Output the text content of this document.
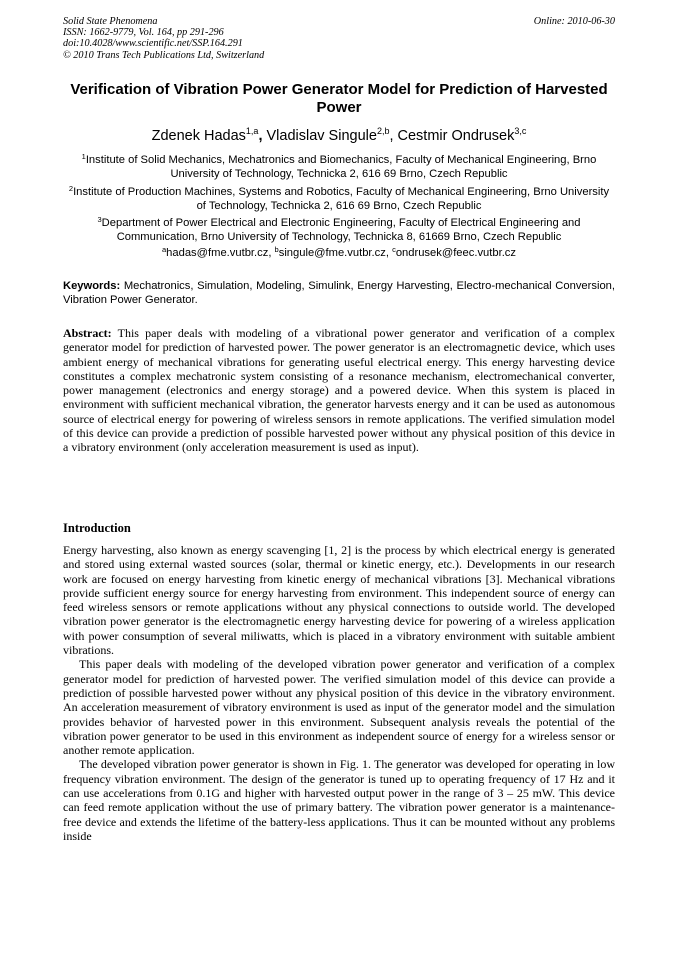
Solid State Phenomena
ISSN: 1662-9779, Vol. 164, pp 291-296
doi:10.4028/www.scientific.net/SSP.164.291
© 2010 Trans Tech Publications Ltd, Switzerland
Online: 2010-06-30
Verification of Vibration Power Generator Model for Prediction of Harvested Power
Zdenek Hadas$^{1,a}$, Vladislav Singule$^{2,b}$, Cestmir Ondrusek$^{3,c}$

$^1$Institute of Solid Mechanics, Mechatronics and Biomechanics, Faculty of Mechanical Engineering, Brno University of Technology, Technicka 2, 616 69 Brno, Czech Republic

$^2$Institute of Production Machines, Systems and Robotics, Faculty of Mechanical Engineering, Brno University of Technology, Technicka 2, 616 69 Brno, Czech Republic

$^3$Department of Power Electrical and Electronic Engineering, Faculty of Electrical Engineering and Communication, Brno University of Technology, Technicka 8, 61669 Brno, Czech Republic

$^a$hadas@fme.vutbr.cz, $^b$singule@fme.vutbr.cz, $^c$ondrusek@feec.vutbr.cz
Keywords: Mechatronics, Simulation, Modeling, Simulink, Energy Harvesting, Electro-mechanical Conversion, Vibration Power Generator.
Abstract: This paper deals with modeling of a vibrational power generator and verification of a complex generator model for prediction of harvested power. The power generator is an electromagnetic device, which uses ambient energy of mechanical vibrations for generating useful electrical energy. This energy harvesting device constitutes a complex mechatronic system consisting of a resonance mechanism, electromechanical converter, power management (electronics and energy storage) and a powered device. When this system is placed in environment with sufficient mechanical vibration, the generator harvests energy and it can be used as autonomous source of electrical energy for powering of wireless sensors in remote applications. The verified simulation model of this device can provide a prediction of possible harvested power without any physical position of this device in a vibratory environment (only acceleration measurement is used as input).
Introduction

Energy harvesting, also known as energy scavenging [1, 2] is the process by which electrical energy is generated and stored using external wasted sources (solar, thermal or kinetic energy, etc.). Developments in our research work are focused on energy harvesting from kinetic energy of mechanical vibrations [3]. Mechanical vibrations provide sufficient energy source for energy harvesting from environment. This independent source of energy can feed wireless sensors or remote applications without any physical connections to outside world. The developed vibration power generator is the electromagnetic energy harvesting device for powering of a wireless application with power consumption of several miliwatts, which is placed in a vibratory environment with suitable ambient vibrations.

This paper deals with modeling of the developed vibration power generator and verification of a complex generator model for prediction of harvested power. The verified simulation model of this device can provide a prediction of possible harvested power without any physical position of this device in the vibratory environment. An acceleration measurement of vibratory environment is used as input of the generator model and the simulation provides behavior of harvested power in this environment. Subsequent analysis reveals the potential of the vibration power generator to be used in this environment as independent source of energy for a wireless sensor or another remote application.

The developed vibration power generator is shown in Fig. 1. The generator was developed for operating in low frequency vibration environment. The design of the generator is tuned up to operating frequency of 17 Hz and it can use accelerations from 0.1G and higher with harvested output power in the range of 3 – 25 mW. This device can feed remote application without the use of primary battery. The vibration power generator is a maintenance-free device and extends the lifetime of the battery-less applications. Thus it can be mounted without any problems inside
